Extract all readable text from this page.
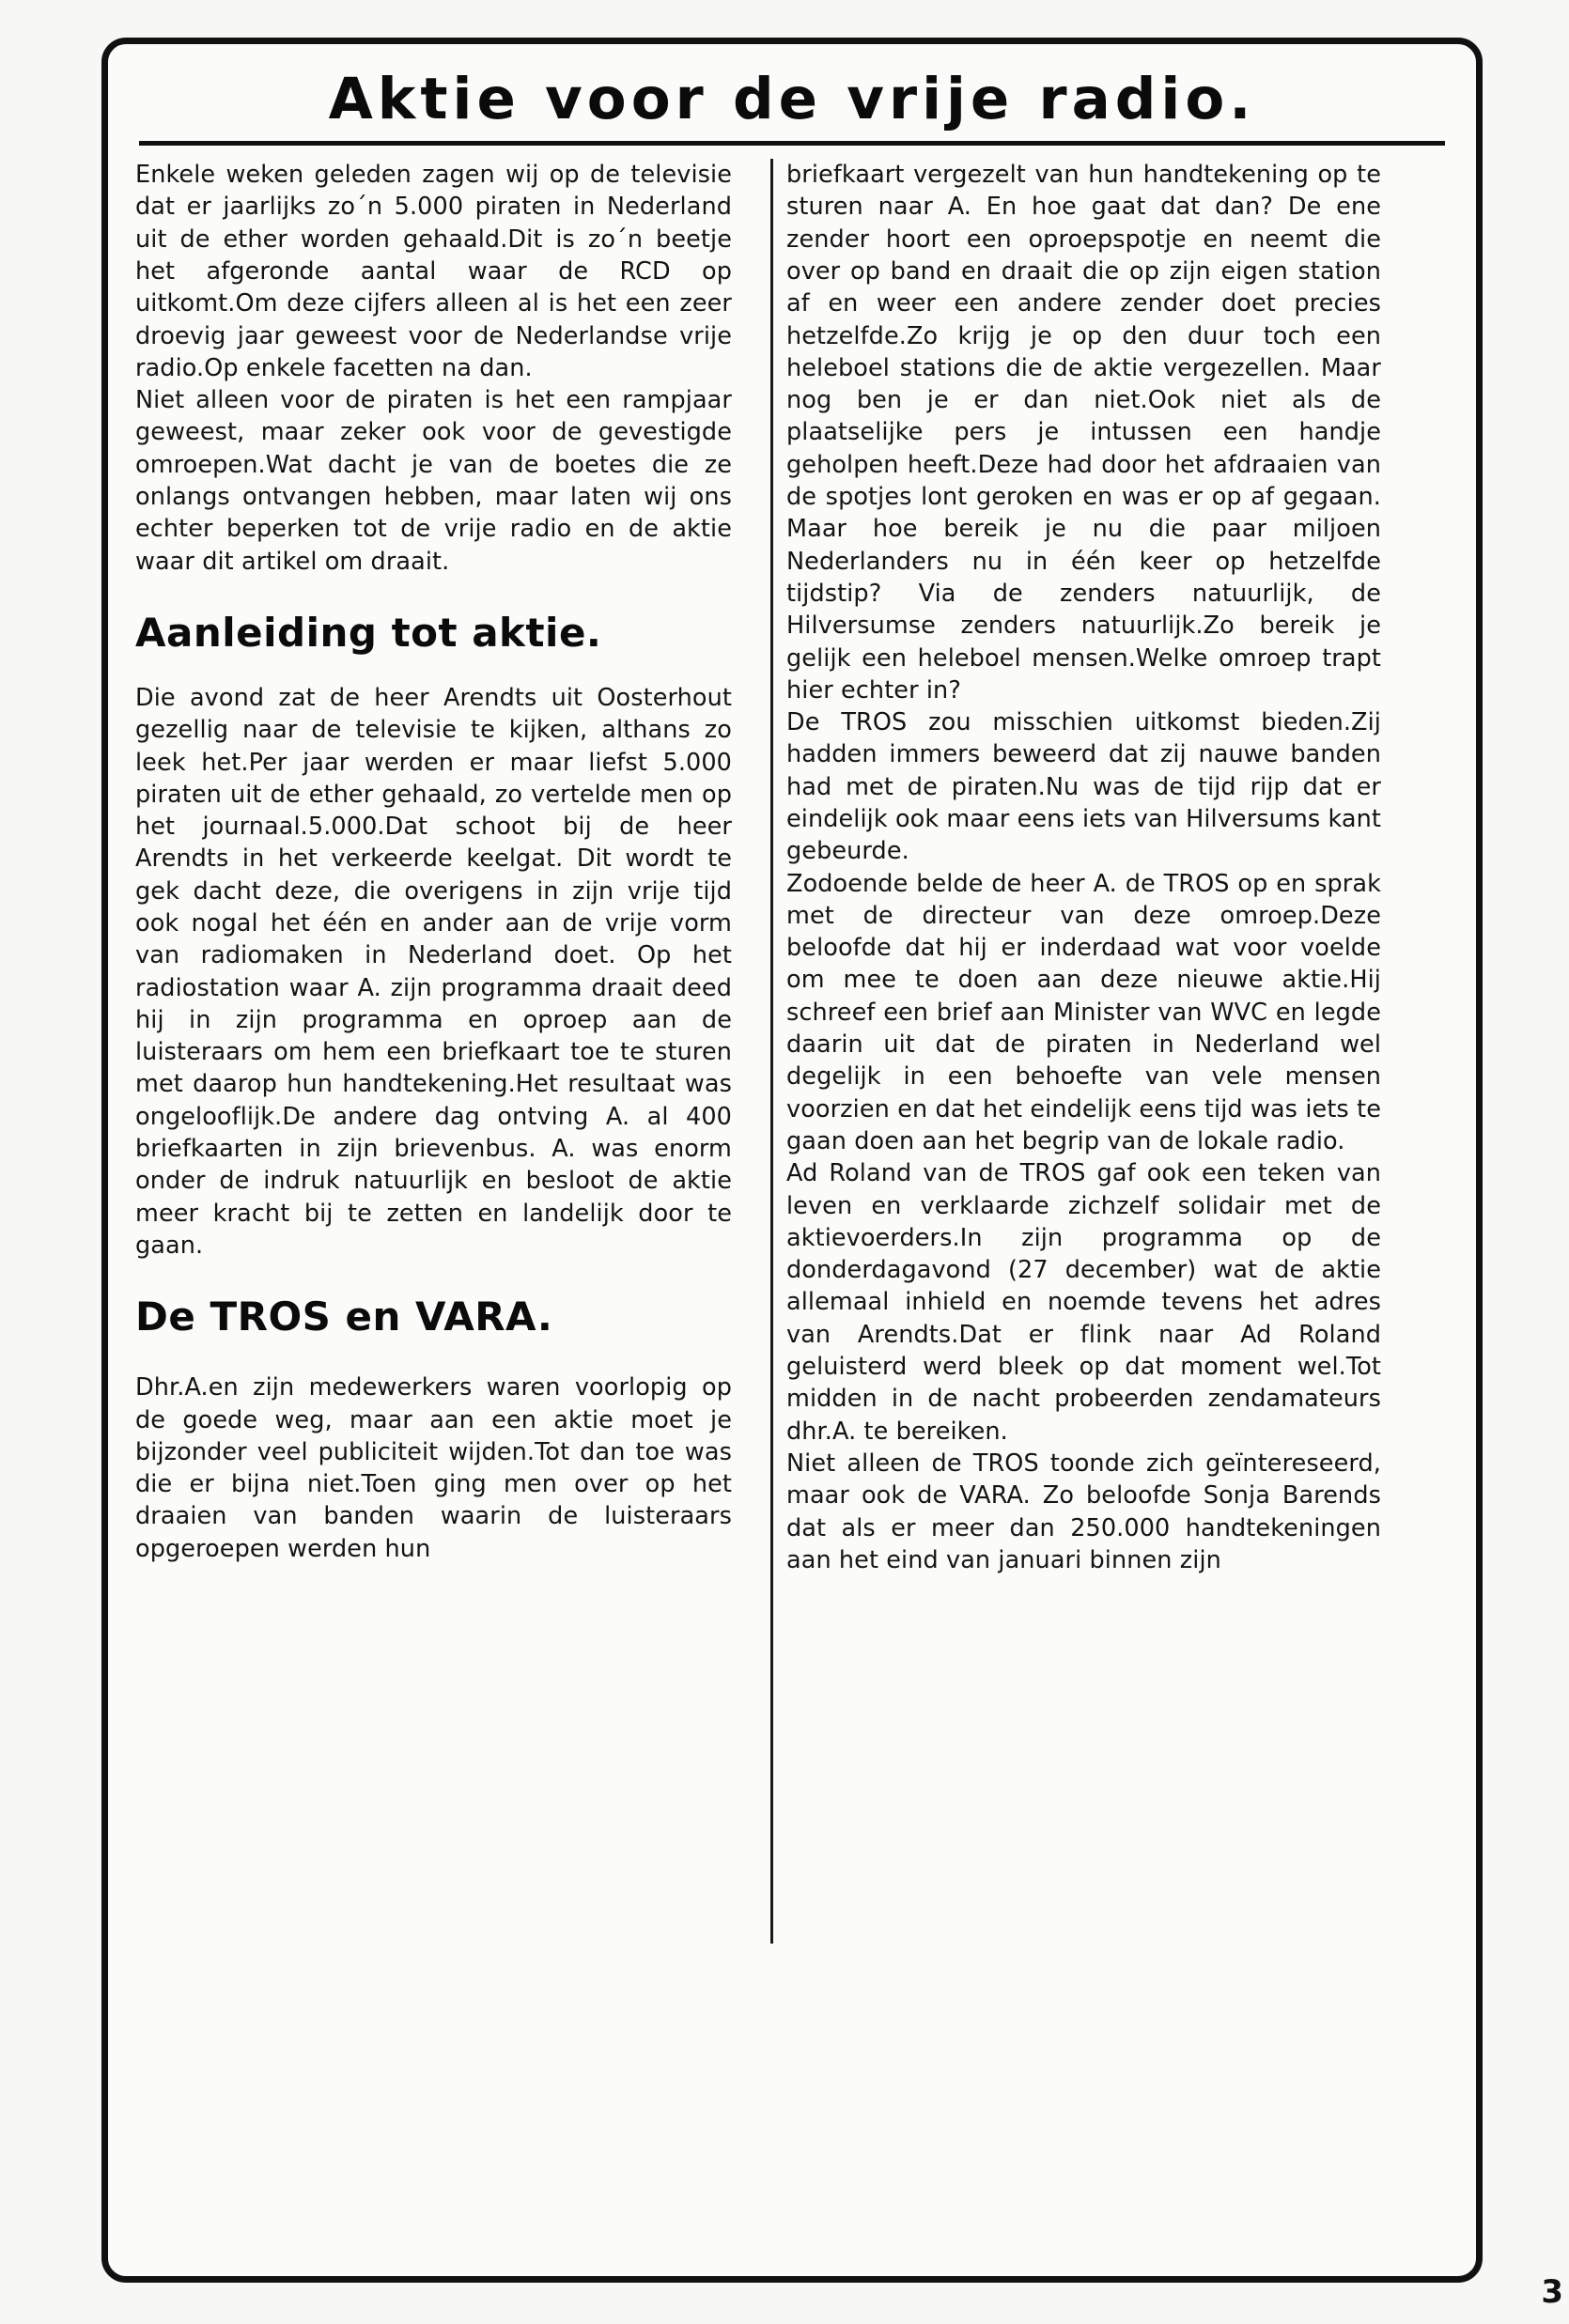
Aktie voor de vrije radio.

Enkele weken geleden zagen wij op de televisie dat er jaarlijks zo´n 5.000 piraten in Nederland uit de ether worden gehaald.Dit is zo´n beetje het afgeronde aantal waar de RCD op uitkomt.Om deze cijfers alleen al is het een zeer droevig jaar geweest voor de Nederlandse vrije radio.Op enkele facetten na dan.

Niet alleen voor de piraten is het een rampjaar geweest, maar zeker ook voor de gevestigde omroepen.Wat dacht je van de boetes die ze onlangs ontvangen hebben, maar laten wij ons echter beperken tot de vrije radio en de aktie waar dit artikel om draait.

Aanleiding tot aktie.

Die avond zat de heer Arendts uit Oosterhout gezellig naar de televisie te kijken, althans zo leek het.Per jaar werden er maar liefst 5.000 piraten uit de ether gehaald, zo vertelde men op het journaal.5.000.Dat schoot bij de heer Arendts in het verkeerde keelgat. Dit wordt te gek dacht deze, die overigens in zijn vrije tijd ook nogal het één en ander aan de vrije vorm van radiomaken in Nederland doet. Op het radiostation waar A. zijn programma draait deed hij in zijn programma en oproep aan de luisteraars om hem een briefkaart toe te sturen met daarop hun handtekening.Het resultaat was ongelooflijk.De andere dag ontving A. al 400 briefkaarten in zijn brievenbus. A. was enorm onder de indruk natuurlijk en besloot de aktie meer kracht bij te zetten en landelijk door te gaan.

De TROS en VARA.

Dhr.A.en zijn medewerkers waren voorlopig op de goede weg, maar aan een aktie moet je bijzonder veel publiciteit wijden.Tot dan toe was die er bijna niet.Toen ging men over op het draaien van banden waarin de luisteraars opgeroepen werden hun

briefkaart vergezelt van hun handtekening op te sturen naar A. En hoe gaat dat dan? De ene zender hoort een oproepspotje en neemt die over op band en draait die op zijn eigen station af en weer een andere zender doet precies hetzelfde.Zo krijg je op den duur toch een heleboel stations die de aktie vergezellen. Maar nog ben je er dan niet.Ook niet als de plaatselijke pers je intussen een handje geholpen heeft.Deze had door het afdraaien van de spotjes lont geroken en was er op af gegaan. Maar hoe bereik je nu die paar miljoen Nederlanders nu in één keer op hetzelfde tijdstip? Via de zenders natuurlijk, de Hilversumse zenders natuurlijk.Zo bereik je gelijk een heleboel mensen.Welke omroep trapt hier echter in?

De TROS zou misschien uitkomst bieden.Zij hadden immers beweerd dat zij nauwe banden had met de piraten.Nu was de tijd rijp dat er eindelijk ook maar eens iets van Hilversums kant gebeurde.

Zodoende belde de heer A. de TROS op en sprak met de directeur van deze omroep.Deze beloofde dat hij er inderdaad wat voor voelde om mee te doen aan deze nieuwe aktie.Hij schreef een brief aan Minister van WVC en legde daarin uit dat de piraten in Nederland wel degelijk in een behoefte van vele mensen voorzien en dat het eindelijk eens tijd was iets te gaan doen aan het begrip van de lokale radio.

Ad Roland van de TROS gaf ook een teken van leven en verklaarde zichzelf solidair met de aktievoerders.In zijn programma op de donderdagavond (27 december) wat de aktie allemaal inhield en noemde tevens het adres van Arendts.Dat er flink naar Ad Roland geluisterd werd bleek op dat moment wel.Tot midden in de nacht probeerden zendamateurs dhr.A. te bereiken.

Niet alleen de TROS toonde zich geïntereseerd, maar ook de VARA. Zo beloofde Sonja Barends dat als er meer dan 250.000 handtekeningen aan het eind van januari binnen zijn

3
